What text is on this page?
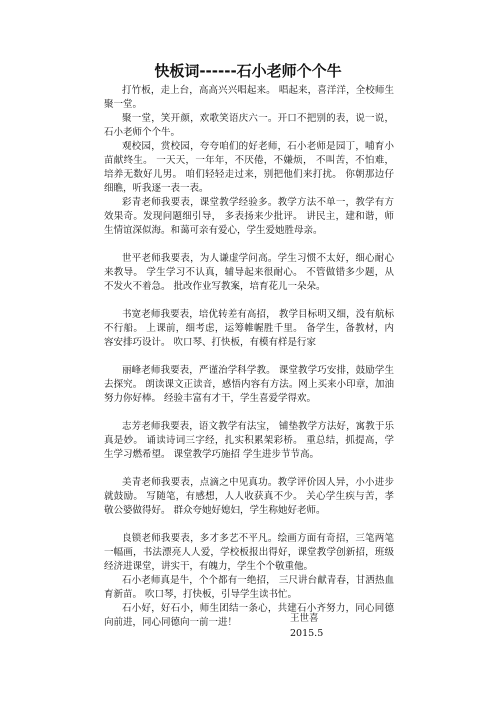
快板词------石小老师个个牛

打竹板，走上台，高高兴兴唱起来。 唱起来，喜洋洋，全校师生聚一堂。

聚一堂，笑开颜，欢歌笑语庆六一。开口不把别的表，说一说，石小老师个个牛。

观校园，赏校园，夸夸咱们的好老师，石小老师是园丁，哺育小苗献终生。 一天天，一年年，不厌倦，不嫌烦， 不叫苦，不怕难，培养无数好儿男。 咱们轻轻走过来，别把他们来打扰。 你朝那边仔细瞧，听我逐一表一表。

彩青老师我要表，课堂教学经验多。教学方法不单一，教学有方效果奇。发现问题细引导， 多表扬来少批评。 讲民主，建和谐，师生情谊深似海。和蔼可亲有爱心，学生爱她胜母亲。

世平老师我要表，为人谦虚学问高。学生习惯不太好，细心耐心来教导。 学生学习不认真，辅导起来很耐心。 不管做错多少题，从不发火不着急。 批改作业写教案，培育花儿一朵朵。

书宽老师我要表，培优转差有高招， 教学目标明又细，没有航标不行船。 上课前，细考虑，运筹帷幄胜千里。 备学生，备教材，内容安排巧设计。 吹口琴、打快板，有模有样是行家

丽峰老师我要表，严谨治学科学教。 课堂教学巧安排，鼓励学生去探究。 朗读课文正读音，感悟内容有方法。网上买来小印章，加油努力你好棒。 经验丰富有才干，学生喜爱学得欢。

志芳老师我要表，语文教学有法宝， 铺垫教学方法好，寓教于乐真是妙。 诵读诗词三字经，扎实积累架彩桥。 重总结，抓提高，学生学习燃希望。 课堂教学巧施招 学生进步节节高。

美青老师我要表，点滴之中见真功。教学评价因人异，小小进步就鼓励。 写随笔，有感想，人人收获真不少。 关心学生疾与苦，孝敬公婆做得好。 群众夸她好媳妇，学生称她好老师。

良锁老师我要表，多才多艺不平凡。绘画方面有奇招，三笔两笔一幅画，书法漂亮人人爱，学校板报出得好，课堂教学创新招，班级经济进课堂，讲实干，有魄力，学生个个敬重他。

石小老师真是牛，个个都有一绝招， 三尺讲台献青春，甘洒热血育新苗。 吹口琴，打快板，引导学生读书忙。

石小好，好石小，师生团结一条心，共建石小齐努力，同心同德向前进，同心同德向一前一进！	王世喜
2015.5
